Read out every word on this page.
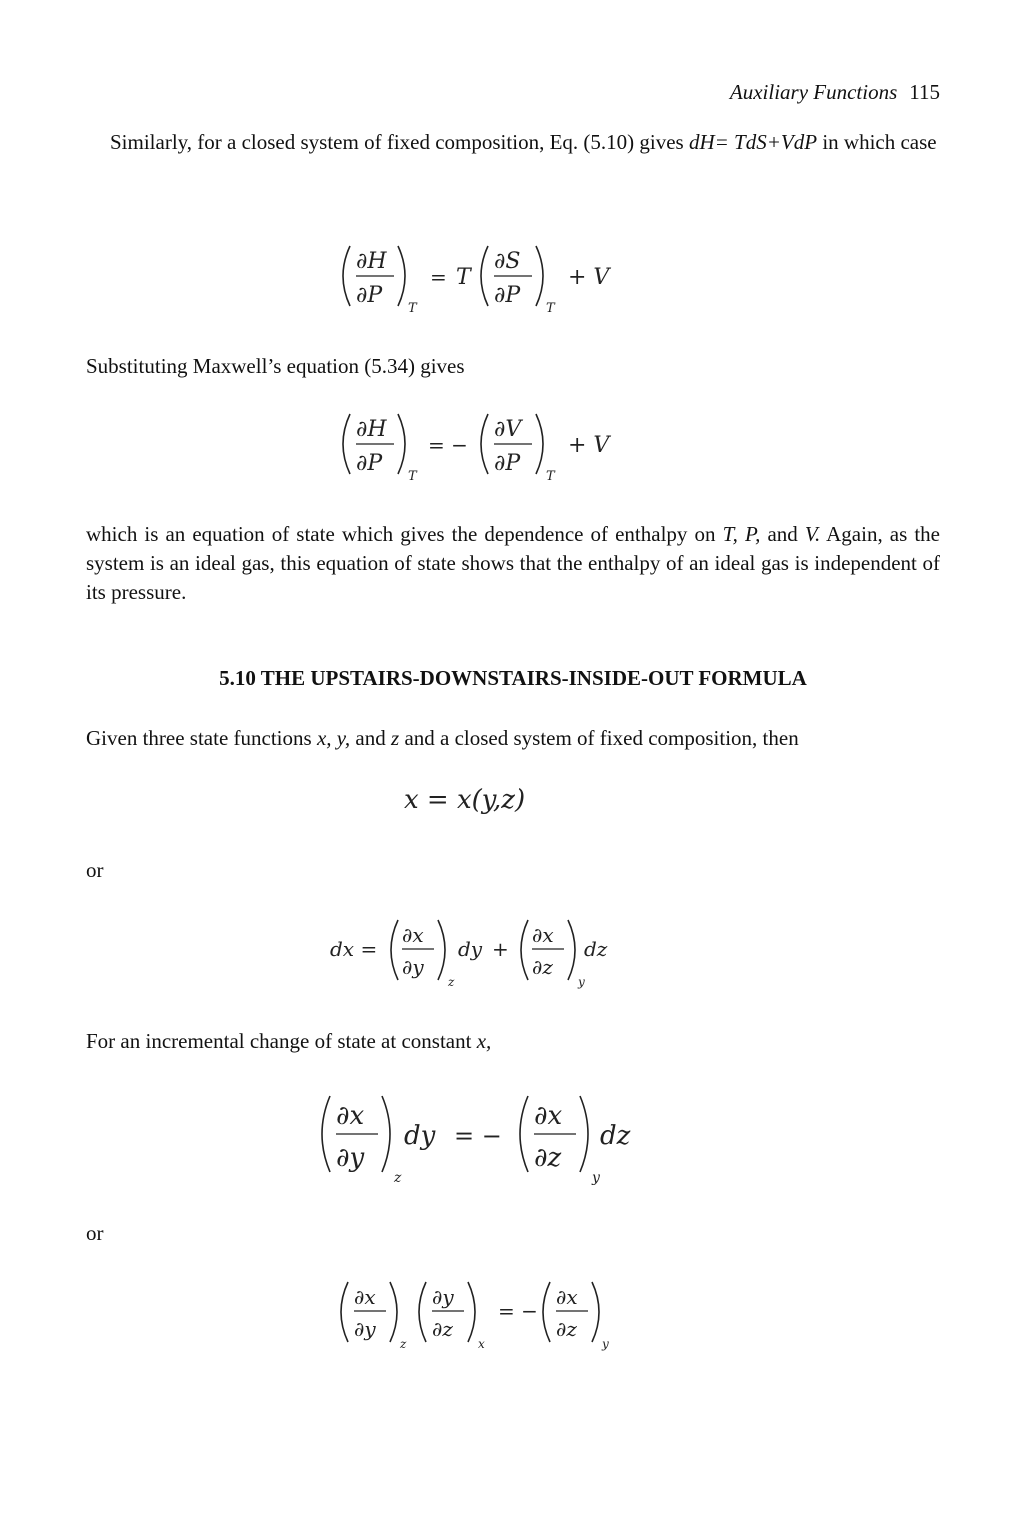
Auxiliary Functions 115

Similarly, for a closed system of fixed composition, Eq. (5.10) gives dH= TdS+VdP in which case

∂H
∂P
T
= T
∂S
∂P
T
+ V

Substituting Maxwell’s equation (5.34) gives

∂H
∂P
T
= −
∂V
∂P
T
+ V

which is an equation of state which gives the dependence of enthalpy on T, P, and V. Again, as the system is an ideal gas, this equation of state shows that the enthalpy of an ideal gas is independent of its pressure.

5.10 THE UPSTAIRS-DOWNSTAIRS-INSIDE-OUT FORMULA

Given three state functions x, y, and z and a closed system of fixed composition, then

x = x(y,z)

or

dx =
∂x
∂y
z
dy +
∂x
∂z
y
dz

For an incremental change of state at constant x,

∂x
∂y
z
dy = −
∂x
∂z
y
dz

or

∂x
∂y
z
∂y
∂z
x
= −
∂x
∂z
y
